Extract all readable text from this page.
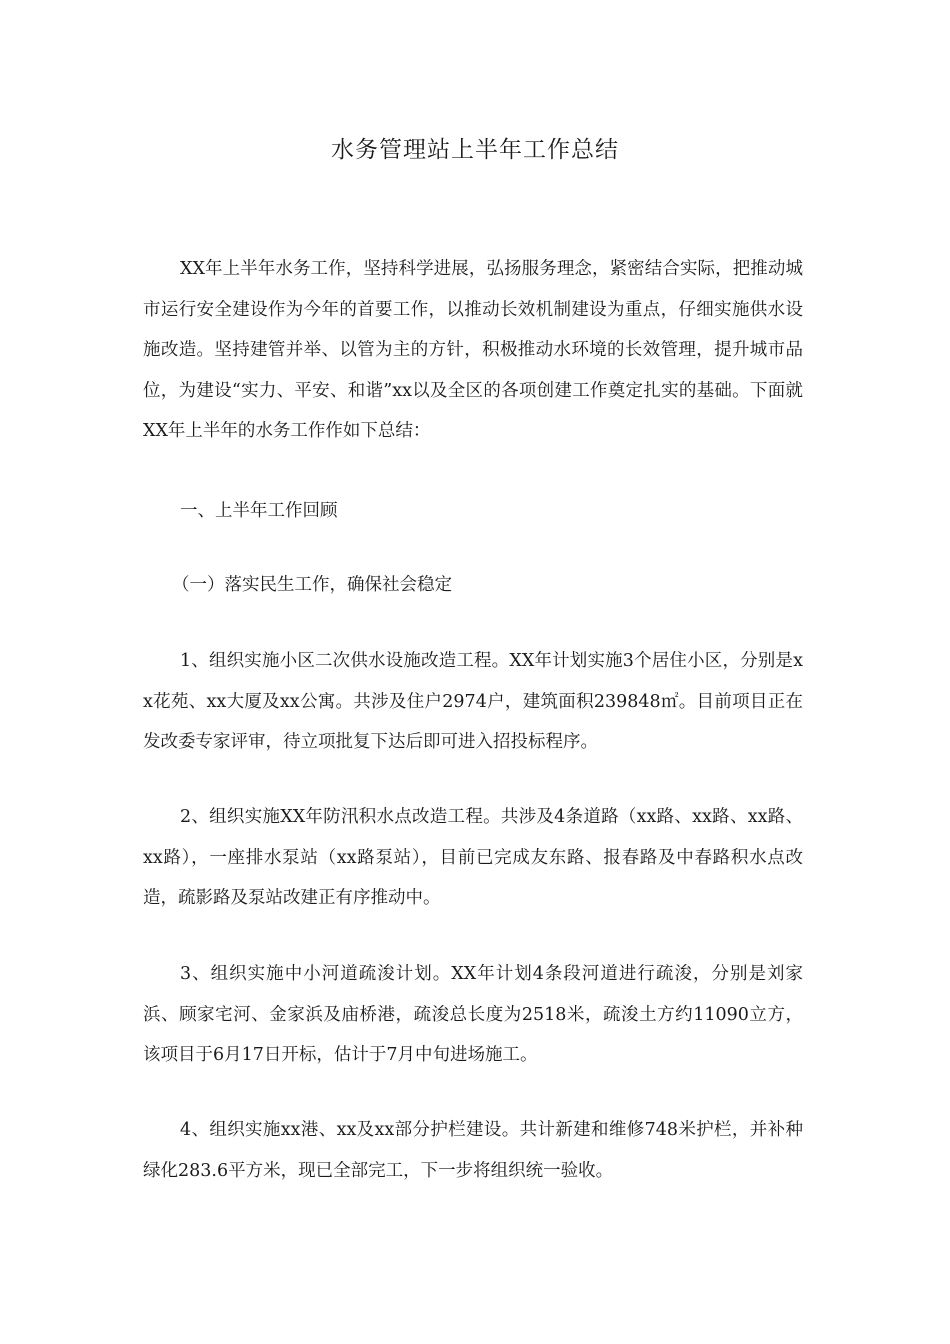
水务管理站上半年工作总结

XX年上半年水务工作，坚持科学进展，弘扬服务理念，紧密结合实际，把推动城市运行安全建设作为今年的首要工作，以推动长效机制建设为重点，仔细实施供水设施改造。坚持建管并举、以管为主的方针，积极推动水环境的长效管理，提升城市品位，为建设“实力、平安、和谐”xx以及全区的各项创建工作奠定扎实的基础。下面就XX年上半年的水务工作作如下总结：

一、上半年工作回顾

（一）落实民生工作，确保社会稳定

1、组织实施小区二次供水设施改造工程。XX年计划实施3个居住小区，分别是xx花苑、xx大厦及xx公寓。共涉及住户2974户，建筑面积239848㎡。目前项目正在发改委专家评审，待立项批复下达后即可进入招投标程序。

2、组织实施XX年防汛积水点改造工程。共涉及4条道路（xx路、xx路、xx路、xx路），一座排水泵站（xx路泵站），目前已完成友东路、报春路及中春路积水点改造，疏影路及泵站改建正有序推动中。

3、组织实施中小河道疏浚计划。XX年计划4条段河道进行疏浚，分别是刘家浜、顾家宅河、金家浜及庙桥港，疏浚总长度为2518米，疏浚土方约11090立方，该项目于6月17日开标，估计于7月中旬进场施工。

4、组织实施xx港、xx及xx部分护栏建设。共计新建和维修748米护栏，并补种绿化283.6平方米，现已全部完工，下一步将组织统一验收。
